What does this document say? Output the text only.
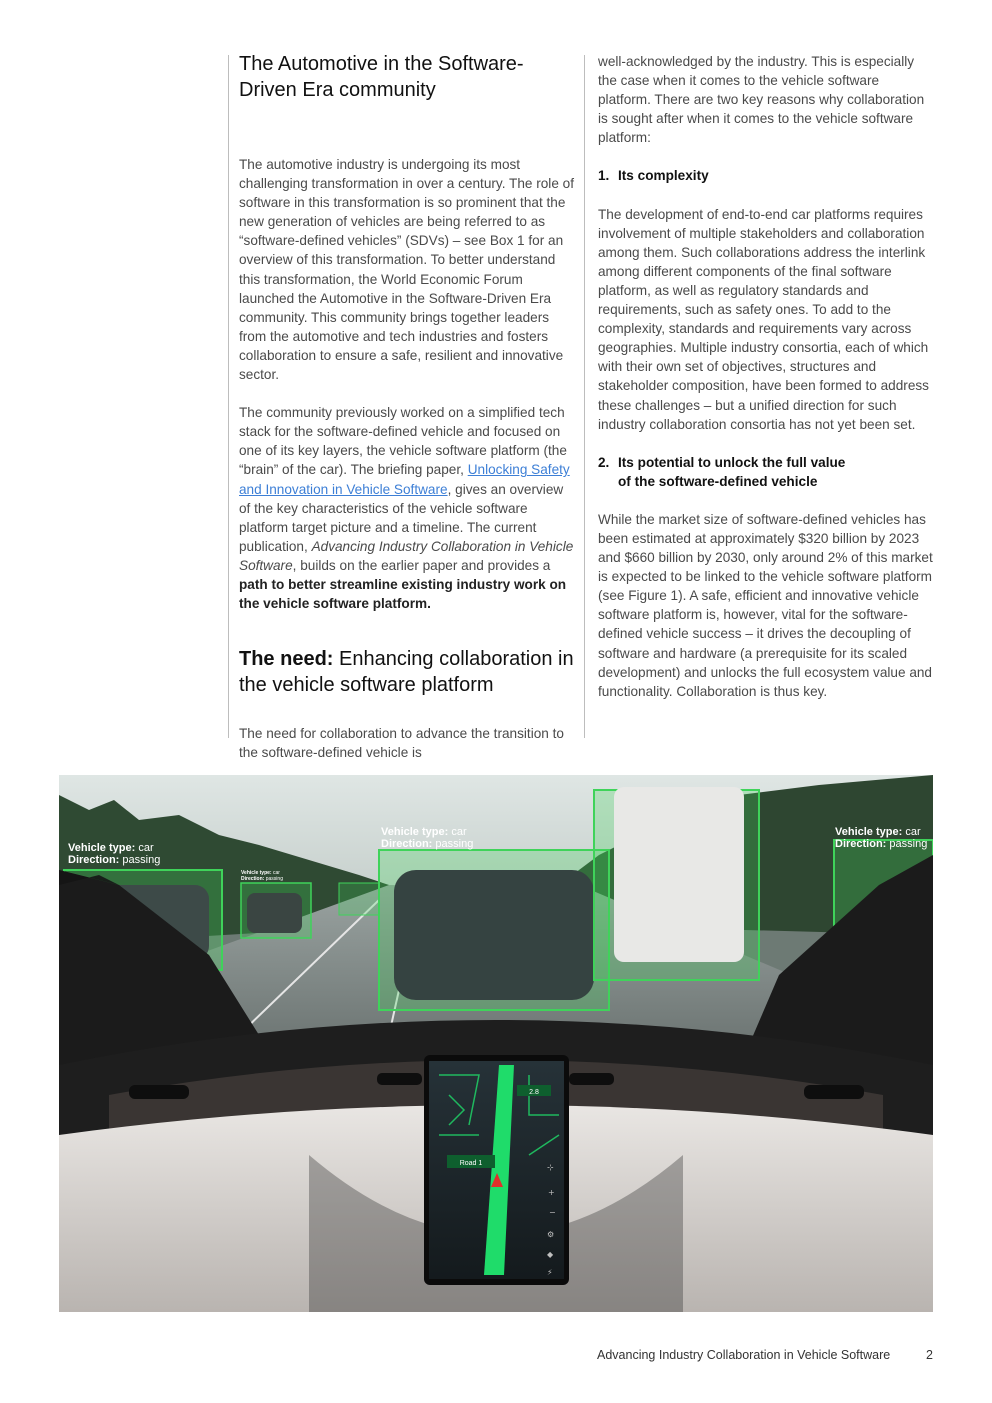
The Automotive in the Software-Driven Era community

The automotive industry is undergoing its most challenging transformation in over a century. The role of software in this transformation is so prominent that the new generation of vehicles are being referred to as “software-defined vehicles” (SDVs) – see Box 1 for an overview of this transformation. To better understand this transformation, the World Economic Forum launched the Automotive in the Software-Driven Era community. This community brings together leaders from the automotive and tech industries and fosters collaboration to ensure a safe, resilient and innovative sector.

The community previously worked on a simplified tech stack for the software-defined vehicle and focused on one of its key layers, the vehicle software platform (the “brain” of the car). The briefing paper, Unlocking Safety and Innovation in Vehicle Software, gives an overview of the key characteristics of the vehicle software platform target picture and a timeline. The current publication, Advancing Industry Collaboration in Vehicle Software, builds on the earlier paper and provides a path to better streamline existing industry work on the vehicle software platform.

The need: Enhancing collaboration in the vehicle software platform

The need for collaboration to advance the transition to the software-defined vehicle is

well-acknowledged by the industry. This is especially the case when it comes to the vehicle software platform. There are two key reasons why collaboration is sought after when it comes to the vehicle software platform:

1. Its complexity

The development of end-to-end car platforms requires involvement of multiple stakeholders and collaboration among them. Such collaborations address the interlink among different components of the final software platform, as well as regulatory standards and requirements, such as safety ones. To add to the complexity, standards and requirements vary across geographies. Multiple industry consortia, each of which with their own set of objectives, structures and stakeholder composition, have been formed to address these challenges – but a unified direction for such industry collaboration consortia has not yet been set.

2. Its potential to unlock the full value
of the software-defined vehicle

While the market size of software-defined vehicles has been estimated at approximately $320 billion by 2023 and $660 billion by 2030, only around 2% of this market is expected to be linked to the vehicle software platform (see Figure 1). A safe, efficient and innovative vehicle software platform is, however, vital for the software-defined vehicle success – it drives the decoupling of software and hardware (a prerequisite for its scaled development) and unlocks the full ecosystem value and functionality. Collaboration is thus key.

Vehicle type: car
Direction: passing
Vehicle type: car
Direction: passing
Vehicle type: car
Direction: passing
Vehicle type: car
Direction: passing
Road 1
2.8
⊹
+
−
⚙
◆
⚡
Advancing Industry Collaboration in Vehicle Software	2
